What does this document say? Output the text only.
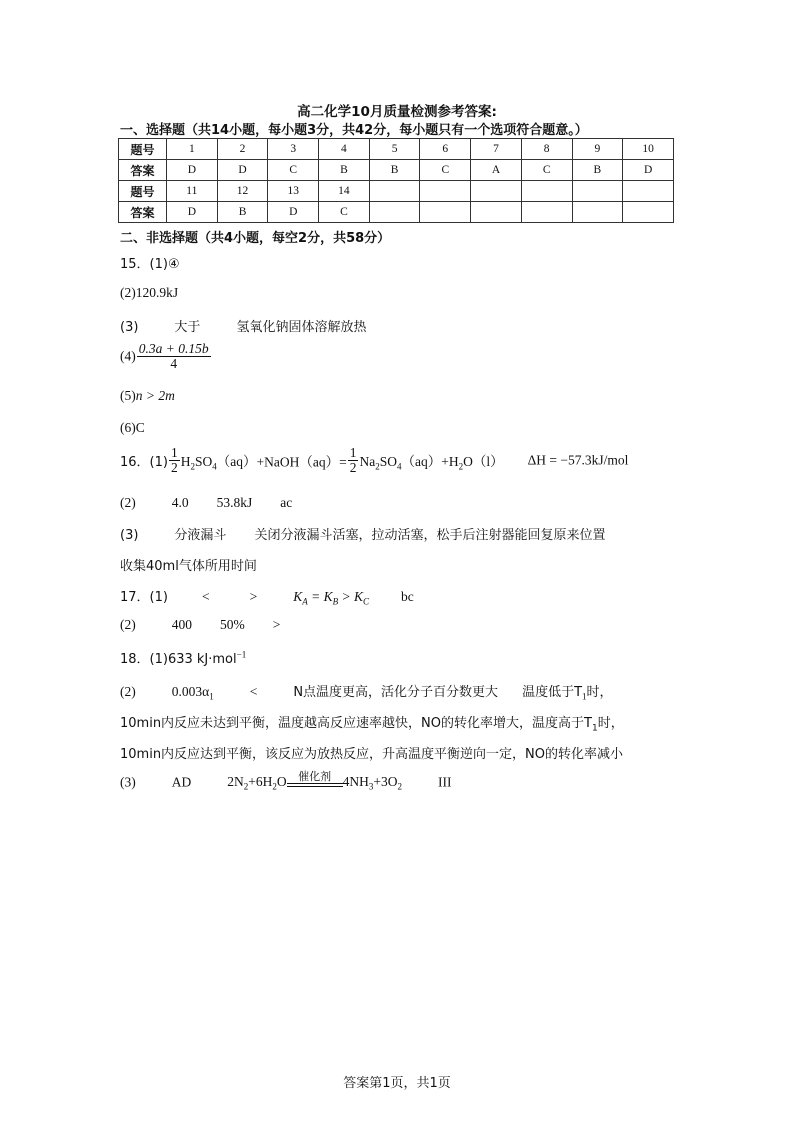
高二化学10月质量检测参考答案:
一、选择题（共14小题，每小题3分，共42分，每小题只有一个选项符合题意。）
题号	1	2	3	4	5	6	7	8	9	10
答案	D	D	C	B	B	C	A	C	B	D
题号	11	12	13	14						
答案	D	B	D	C						
二、非选择题（共4小题，每空2分，共58分）
15．(1)④
(2)120.9kJ
(3)	大于	氢氧化钠固体溶解放热
$(4) \frac{0.3a + 0.15b}{4}$
(5)n > 2m
(6)C
16．$(1) \frac{1}{2}$ $H_2SO_4(aq)+NaOH(aq)= \frac{1}{2} Na_2SO_4(aq)+H_2O(l) \Delta H = -57.3kJ/mol$
(2)	4.0 53.8kJ ac
(3)	分液漏斗 关闭分液漏斗活塞，拉动活塞，松手后注射器能回复原来位置
收集40ml气体所用时间
17．(1)	<	>	$K_A = K_B > K_C$ bc
(2)	400 50% >
18．(1)633 kJ·mol$^{-1}$
(2)	$0.003\alpha_1$	<	N点温度更高，活化分子百分数更大 温度低于$T_1$时，
10min内反应未达到平衡，温度越高反应速率越快，NO的转化率增大，温度高于$T_1$时，
10min内反应达到平衡，该反应为放热反应，升高温度平衡逆向一定，NO的转化率减小
(3)	AD	$2N_2+6H_2O$	催化剂 $4NH_3+3O_2$	III
答案第1页，共1页
